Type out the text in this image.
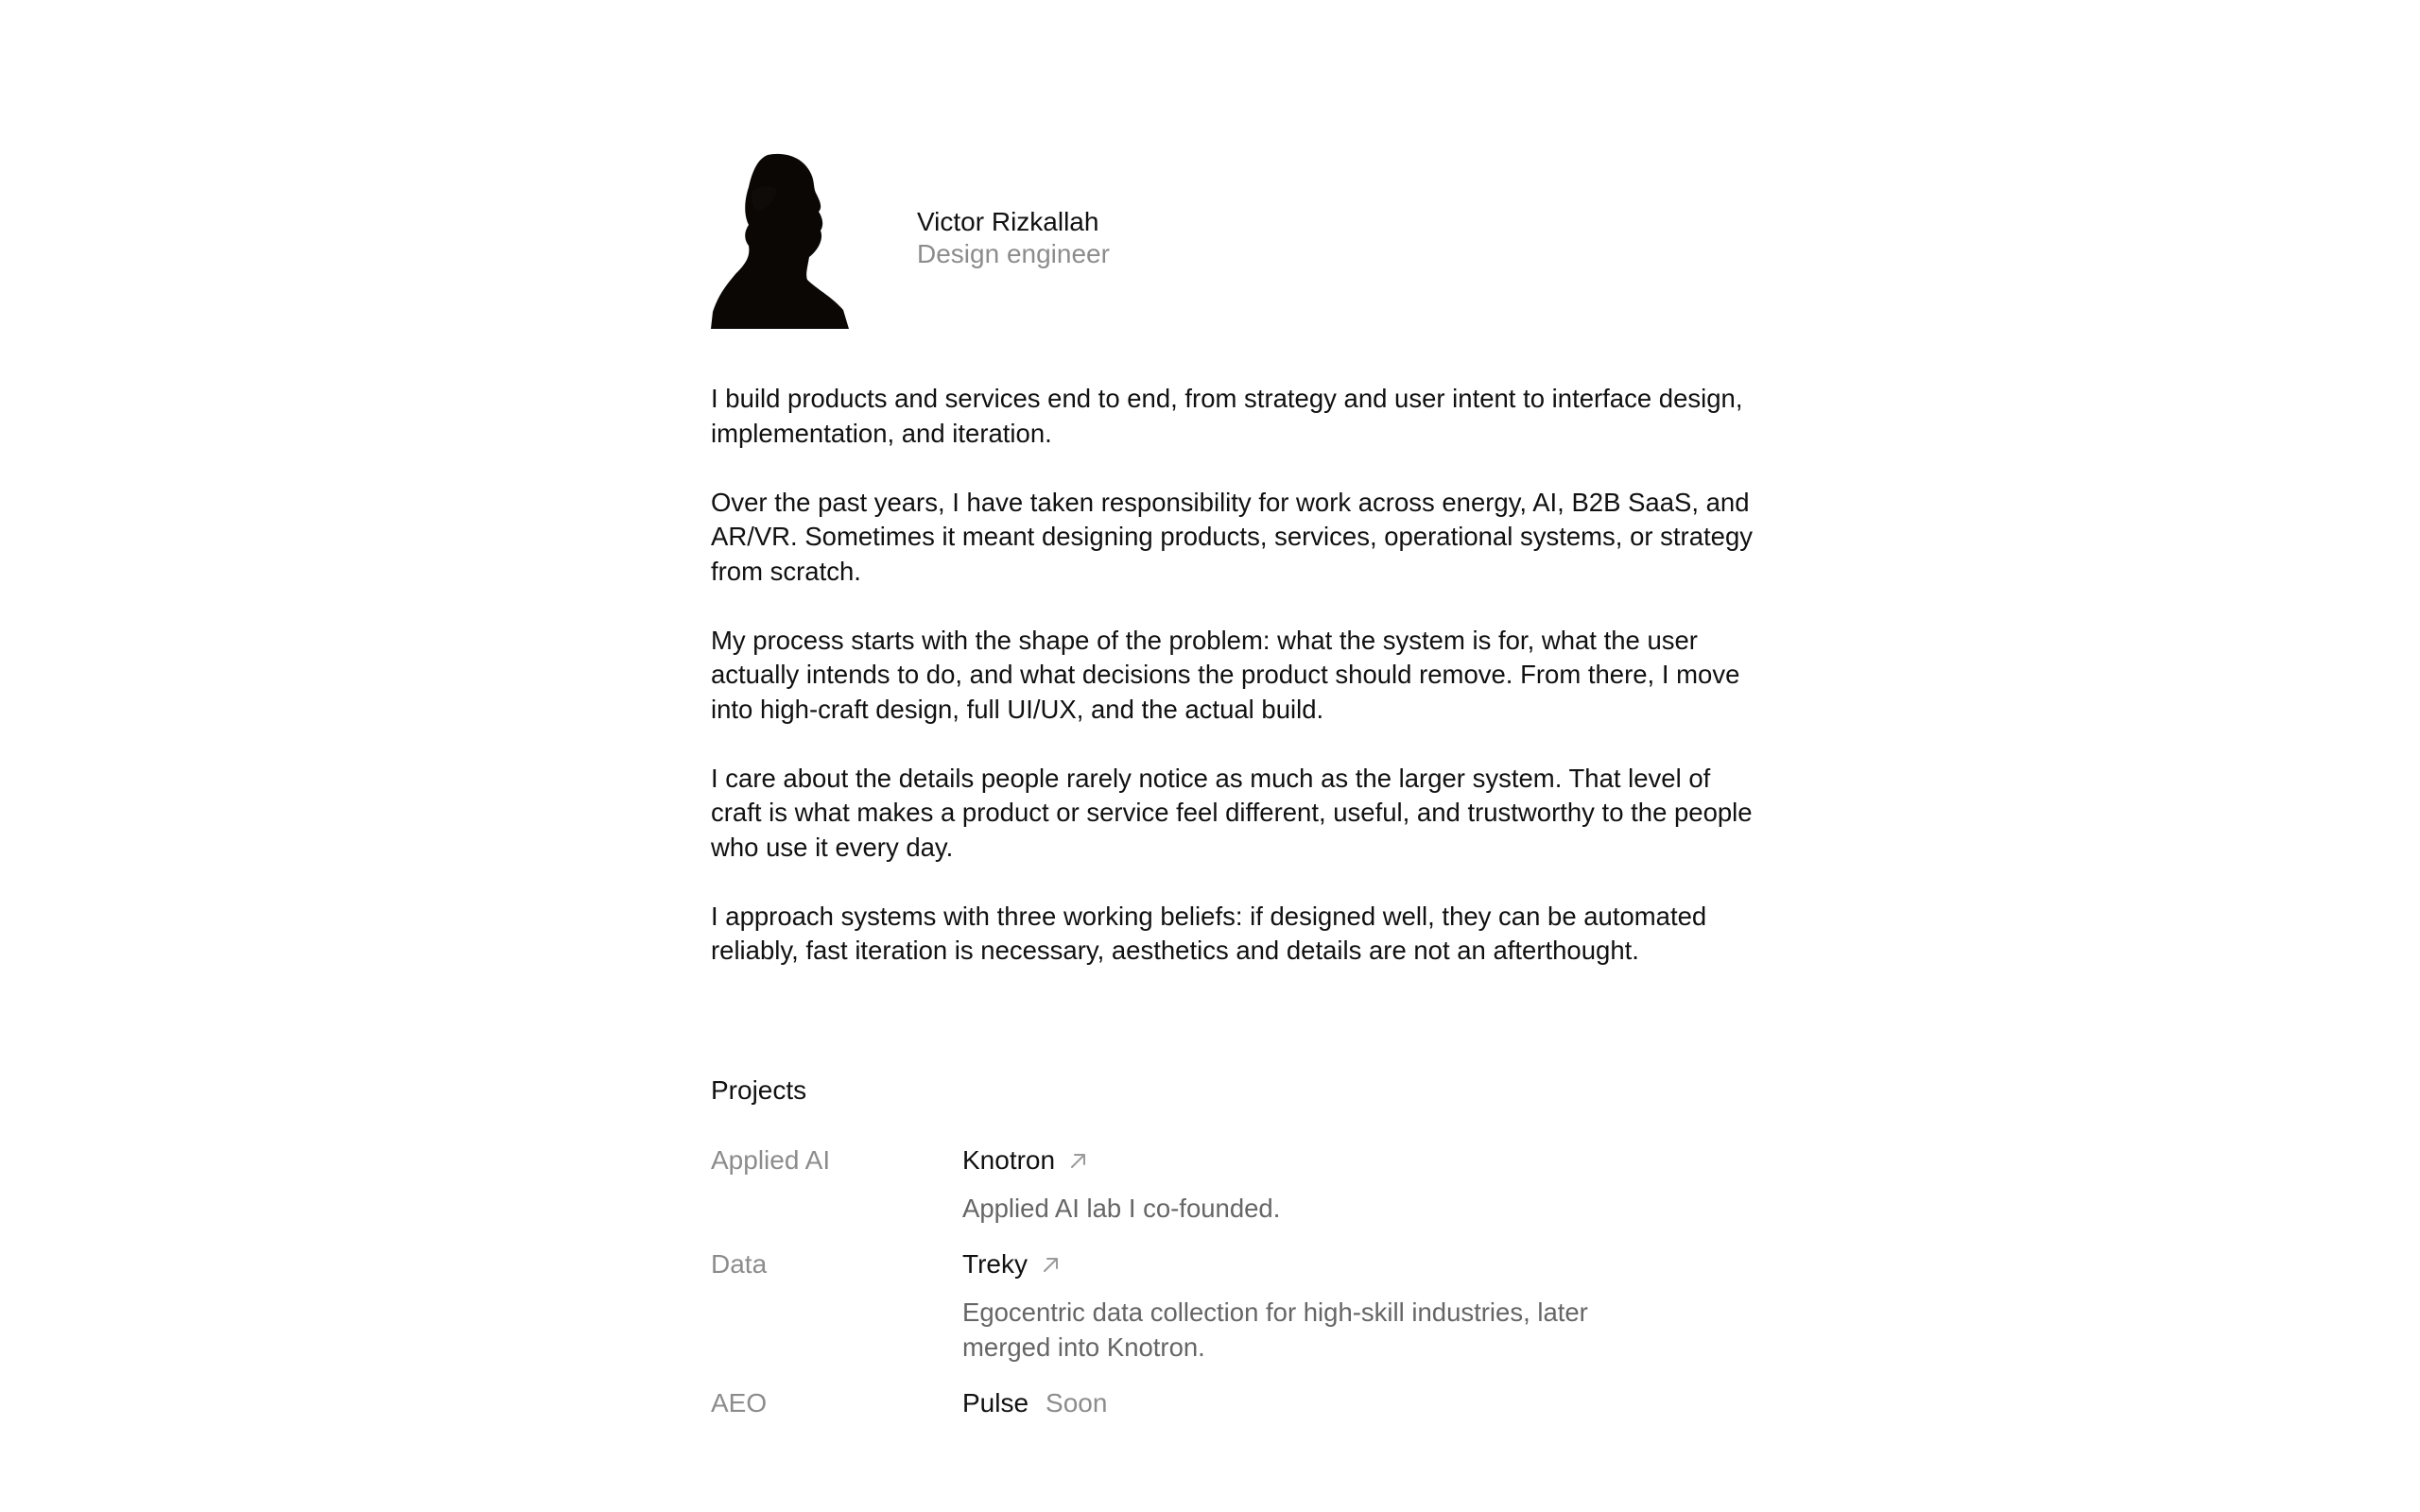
Victor Rizkallah
Design engineer

I build products and services end to end, from strategy and user intent to interface design, implementation, and iteration.

Over the past years, I have taken responsibility for work across energy, AI, B2B SaaS, and AR/VR. Sometimes it meant designing products, services, operational systems, or strategy from scratch.

My process starts with the shape of the problem: what the system is for, what the user actually intends to do, and what decisions the product should remove. From there, I move into high-craft design, full UI/UX, and the actual build.

I care about the details people rarely notice as much as the larger system. That level of craft is what makes a product or service feel different, useful, and trustworthy to the people who use it every day.

I approach systems with three working beliefs: if designed well, they can be automated reliably, fast iteration is necessary, aesthetics and details are not an afterthought.

Projects
Applied AI	Knotron
Applied AI lab I co-founded.
Data	Treky
Egocentric data collection for high-skill industries, later merged into Knotron.
AEO	Pulse Soon
